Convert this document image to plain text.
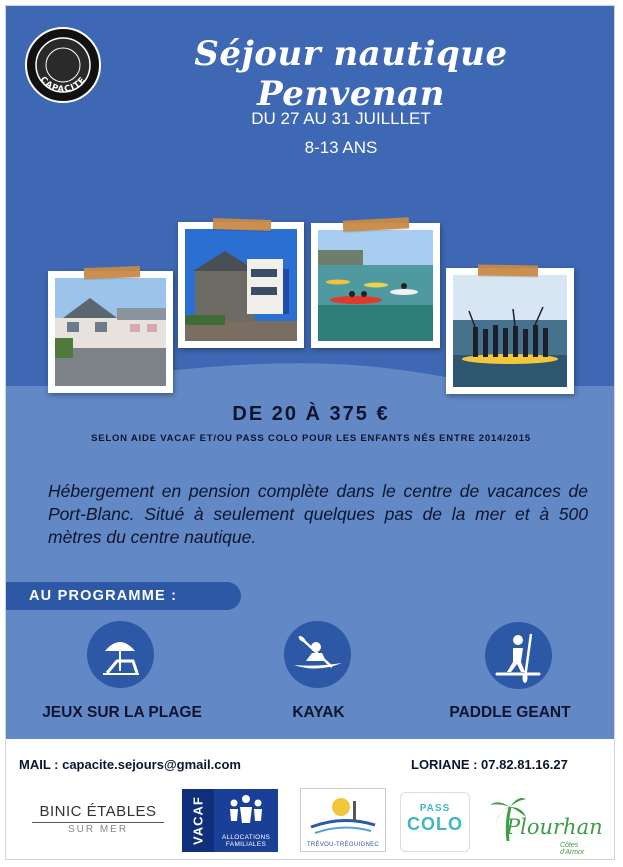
CAPACITE
Séjour nautique Penvenan
DU 27 AU 31 JUILLLET
8-13 ANS
DE 20 À 375 €
SELON AIDE VACAF ET/OU PASS COLO POUR LES ENFANTS NÉS ENTRE 2014/2015
Hébergement en pension complète dans le centre de vacances de Port-Blanc. Situé à seulement quelques pas de la mer et à 500 mètres du centre nautique.
AU PROGRAMME :
JEUX SUR LA PLAGE	KAYAK	PADDLE GEANT
MAIL : capacite.sejours@gmail.com	LORIANE : 07.82.81.16.27
BINIC ÉTABLES
SUR MER	VACAF	ALLOCATIONS FAMILIALES	TRÉVOU-TRÉGUIGNEC
PASS
COLO Plourhan
Côtes d'Armor
